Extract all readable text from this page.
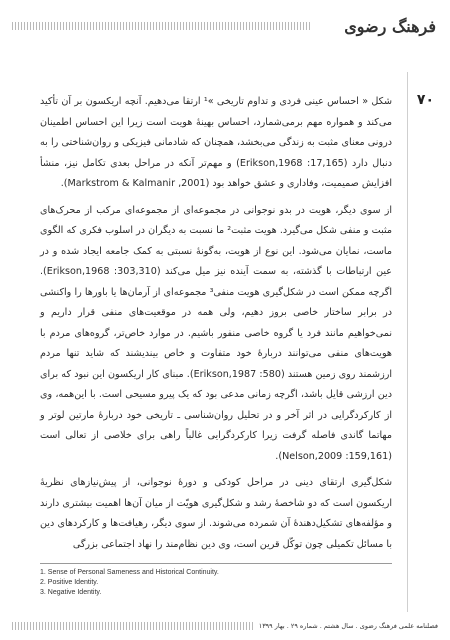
فرهنگ رضوی
۷۰

شکل « احساس عینی فردی و تداوم تاریخی »¹ ارتقا می‌دهیم. آنچه اریکسون بر آن تأکید می‌کند و همواره مهم برمی‌شمارد، احساس بهینهٔ هویت است زیرا این احساس اطمینان درونی معنای مثبت به زندگی می‌بخشد، همچنان که شادمانی فیزیکی و روان‌شناختی را به دنبال دارد (Erikson,1968 :17,165) و مهم‌تر آنکه در مراحل بعدی تکامل نیز، منشأ افزایش صمیمیت، وفاداری و عشق خواهد بود (Markstrom & Kalmanir ,2001).

از سوی دیگر، هویت در بدو نوجوانی در مجموعه‌ای از مجموعه‌ای مرکب از محرک‌های مثبت و منفی شکل می‌گیرد. هویت مثبت² ما نسبت به دیگران در اسلوب فکری که الگوی ماست، نمایان می‌شود. این نوع از هویت، به‌گونهٔ نسبتی به کمک جامعه ایجاد شده و در عین ارتباطات با گذشته، به سمت آینده نیز میل می‌کند (Erikson,1968 :303,310). اگرچه ممکن است در شکل‌گیری هویت منفی³ مجموعه‌ای از آرمان‌ها یا باورها را واکنشی در برابر ساختار خاصی بروز دهیم، ولی همه در موقعیت‌های منفی قرار داریم و نمی‌خواهیم مانند فرد یا گروه خاصی منفور باشیم. در موارد خاص‌تر، گروه‌های مردم با هویت‌های منفی می‌توانند دربارهٔ خود متفاوت و خاص بیندیشند که شاید تنها مردم ارزشمند روی زمین هستند (Erikson,1987 :580). مبنای کار اریکسون این نبود که برای دین ارزشی قایل باشد، اگرچه زمانی مدعی بود که یک پیرو مسیحی است. با این‌همه، وی از کارکردگرایی در اثر آخر و در تحلیل روان‌شناسی ـ تاریخی خود دربارهٔ مارتین لوتر و مهاتما گاندی فاصله گرفت زیرا کارکردگرایی غالباً راهی برای خلاصی از تعالی است (159,161: Nelson,2009).

شکل‌گیری ارتقای دینی در مراحل کودکی و دورهٔ نوجوانی، از پیش‌نیازهای نظریهٔ اریکسون است که دو شاخصهٔ رشد و شکل‌گیری هویّت از میان آن‌ها اهمیت بیشتری دارند و مؤلفه‌های تشکیل‌دهندهٔ آن شمرده می‌شوند. از سوی دیگر، رهیافت‌ها و کارکردهای دین با مسائل تکمیلی چون تو‌کّل قرین است، وی دین نظام‌مند را نهاد اجتماعی بزرگی

1. Sense of Personal Sameness and Historical Continuity.
2. Positive Identity.
3. Negative Identity.
فصلنامه علمی فرهنگ رضوی . سال هشتم . شماره ۲۹ . بهار ۱۳۹۹
